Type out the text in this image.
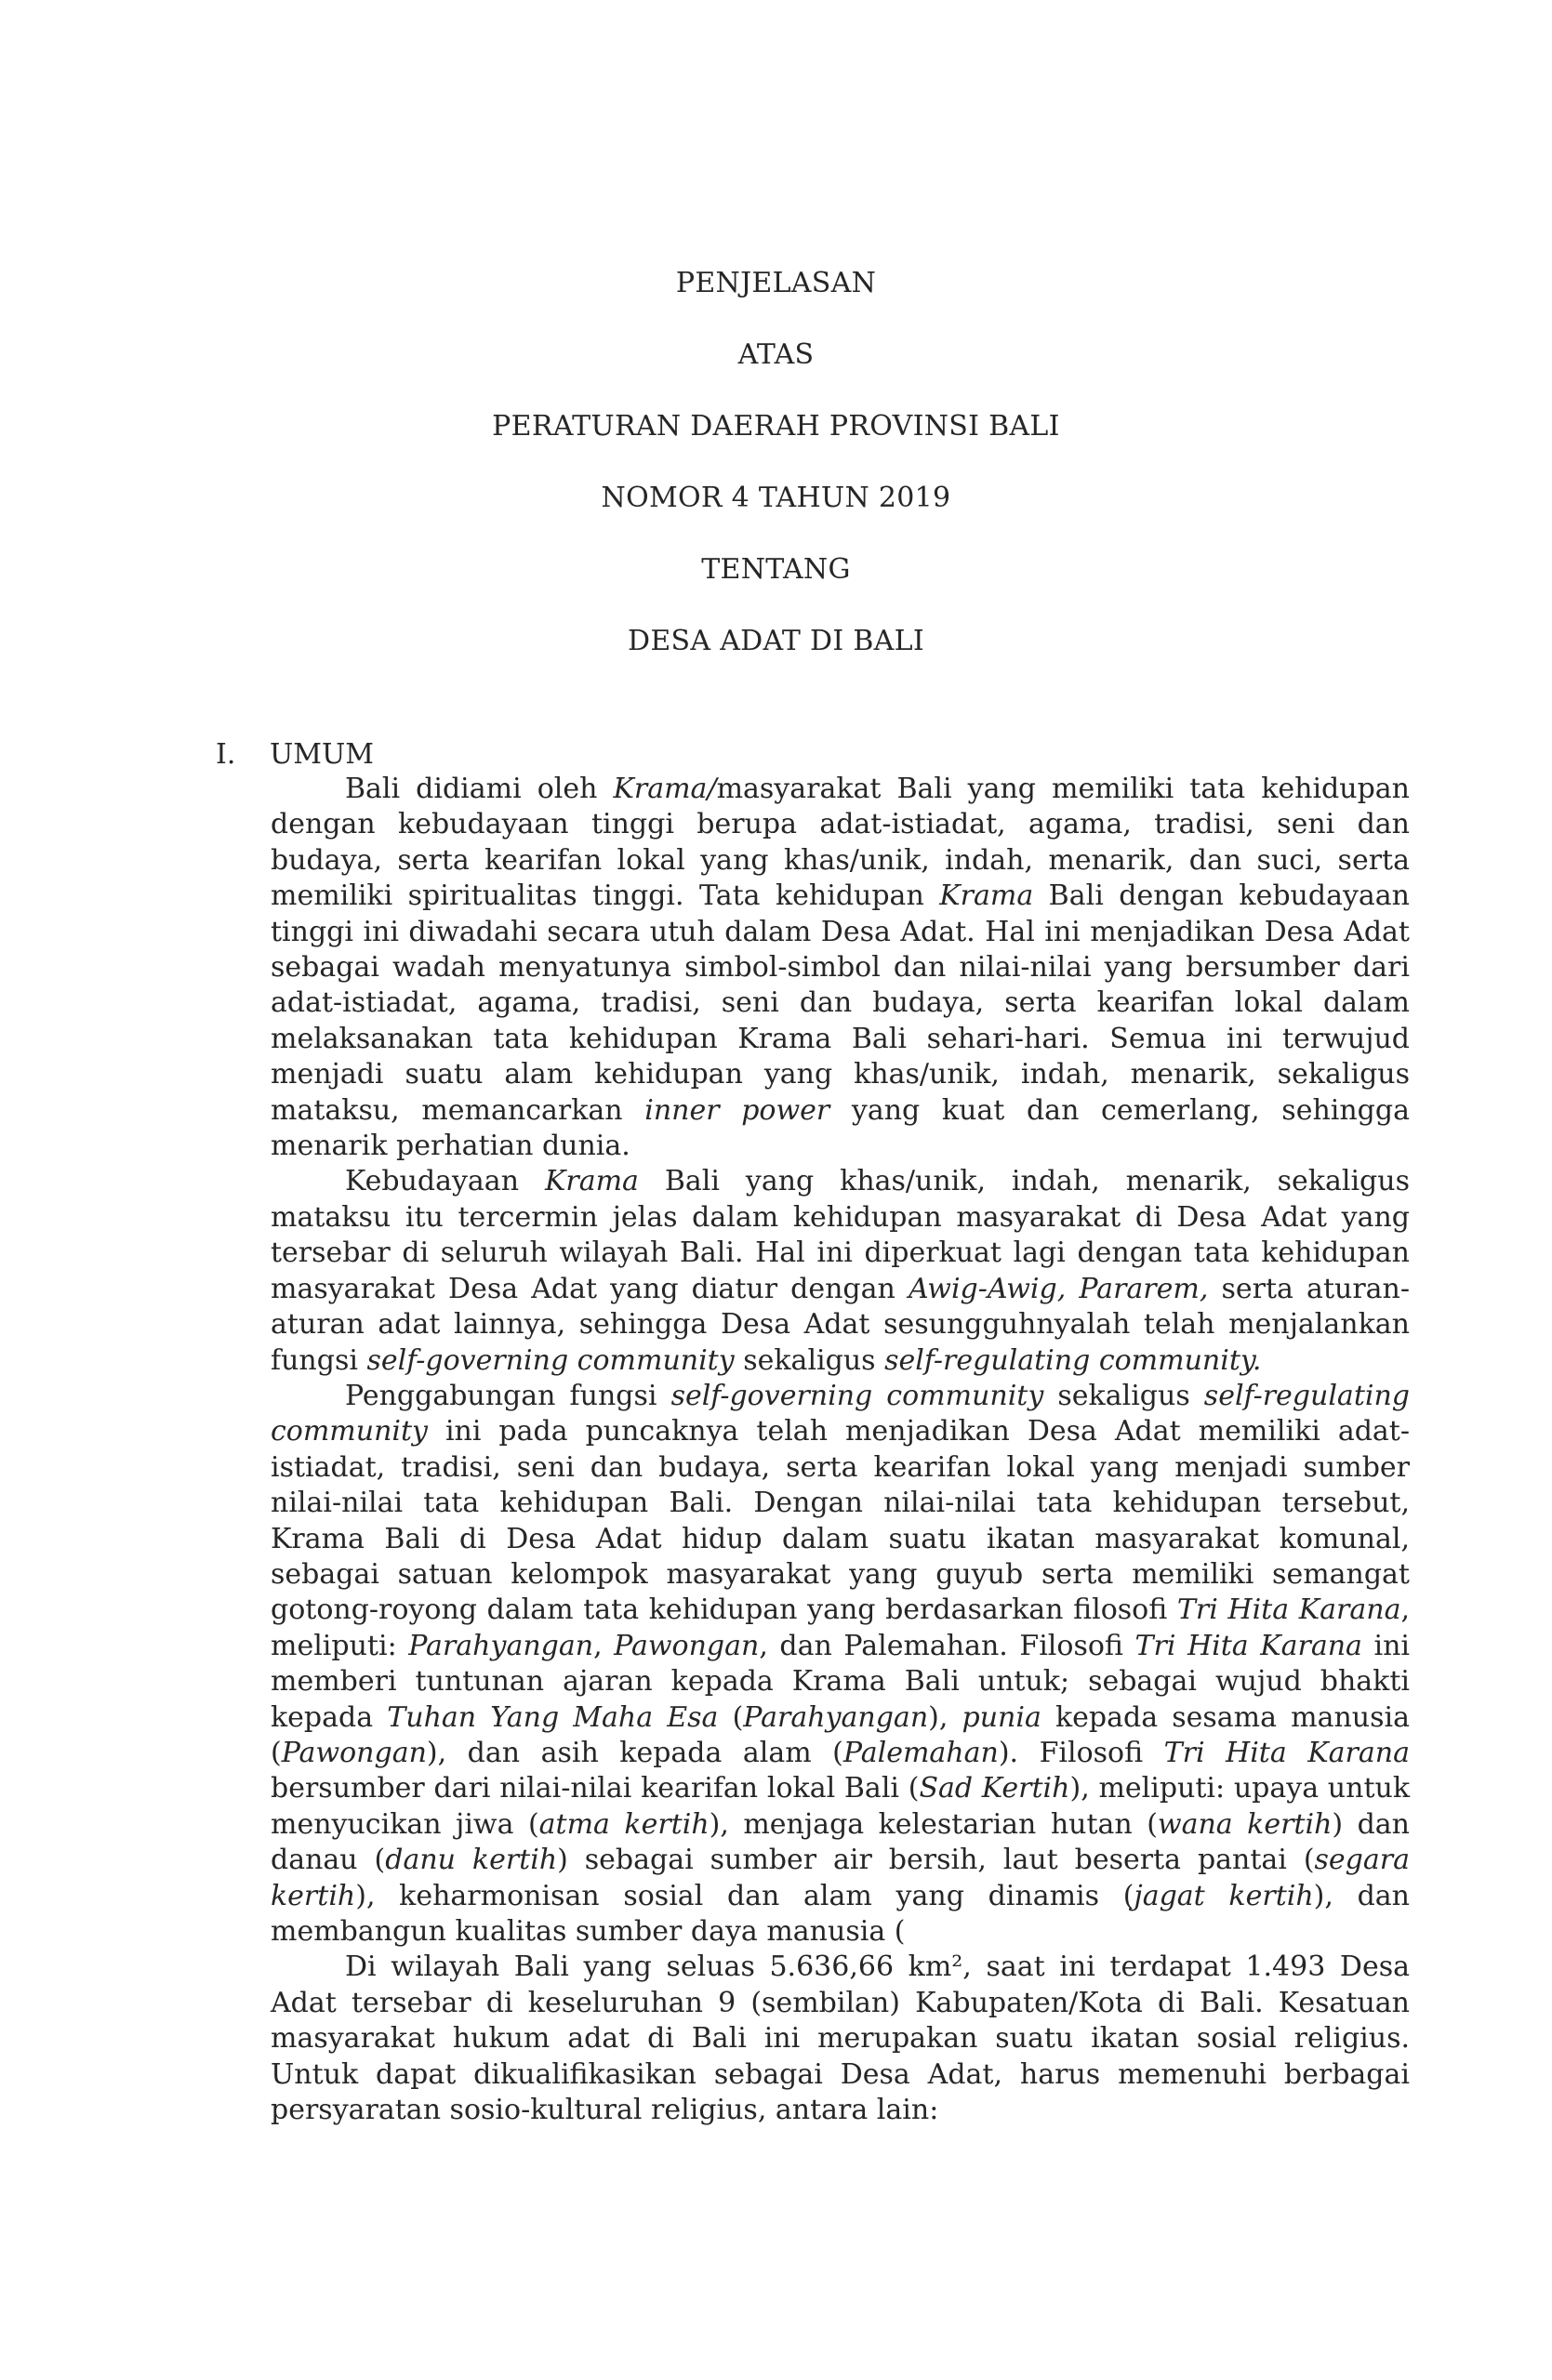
PENJELASAN
ATAS
PERATURAN DAERAH PROVINSI BALI
NOMOR 4 TAHUN 2019
TENTANG
DESA ADAT DI BALI
I. UMUM

Bali didiami oleh Krama/masyarakat Bali yang memiliki tata kehidupan dengan kebudayaan tinggi berupa adat-istiadat, agama, tradisi, seni dan budaya, serta kearifan lokal yang khas/unik, indah, menarik, dan suci, serta memiliki spiritualitas tinggi. Tata kehidupan Krama Bali dengan kebudayaan tinggi ini diwadahi secara utuh dalam Desa Adat. Hal ini menjadikan Desa Adat sebagai wadah menyatunya simbol-simbol dan nilai-nilai yang bersumber dari adat-istiadat, agama, tradisi, seni dan budaya, serta kearifan lokal dalam melaksanakan tata kehidupan Krama Bali sehari-hari. Semua ini terwujud menjadi suatu alam kehidupan yang khas/unik, indah, menarik, sekaligus mataksu, memancarkan inner power yang kuat dan cemerlang, sehingga menarik perhatian dunia.

Kebudayaan Krama Bali yang khas/unik, indah, menarik, sekaligus mataksu itu tercermin jelas dalam kehidupan masyarakat di Desa Adat yang tersebar di seluruh wilayah Bali. Hal ini diperkuat lagi dengan tata kehidupan masyarakat Desa Adat yang diatur dengan Awig-Awig, Pararem, serta aturan-aturan adat lainnya, sehingga Desa Adat sesungguhnyalah telah menjalankan fungsi self-governing community sekaligus self-regulating community.

Penggabungan fungsi self-governing community sekaligus self-regulating community ini pada puncaknya telah menjadikan Desa Adat memiliki adat-istiadat, tradisi, seni dan budaya, serta kearifan lokal yang menjadi sumber nilai-nilai tata kehidupan Bali. Dengan nilai-nilai tata kehidupan tersebut, Krama Bali di Desa Adat hidup dalam suatu ikatan masyarakat komunal, sebagai satuan kelompok masyarakat yang guyub serta memiliki semangat gotong-royong dalam tata kehidupan yang berdasarkan filosofi Tri Hita Karana, meliputi: Parahyangan, Pawongan, dan Palemahan. Filosofi Tri Hita Karana ini memberi tuntunan ajaran kepada Krama Bali untuk; sebagai wujud bhakti kepada Tuhan Yang Maha Esa (Parahyangan), punia kepada sesama manusia (Pawongan), dan asih kepada alam (Palemahan). Filosofi Tri Hita Karana bersumber dari nilai-nilai kearifan lokal Bali (Sad Kertih), meliputi: upaya untuk menyucikan jiwa (atma kertih), menjaga kelestarian hutan (wana kertih) dan danau (danu kertih) sebagai sumber air bersih, laut beserta pantai (segara kertih), keharmonisan sosial dan alam yang dinamis (jagat kertih), dan membangun kualitas sumber daya manusia (

Di wilayah Bali yang seluas 5.636,66 km², saat ini terdapat 1.493 Desa Adat tersebar di keseluruhan 9 (sembilan) Kabupaten/Kota di Bali. Kesatuan masyarakat hukum adat di Bali ini merupakan suatu ikatan sosial religius. Untuk dapat dikualifikasikan sebagai Desa Adat, harus memenuhi berbagai persyaratan sosio-kultural religius, antara lain:
